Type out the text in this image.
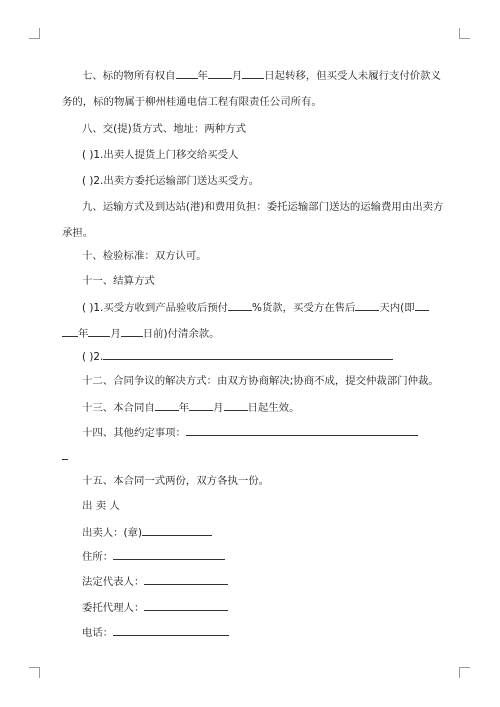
七、标的物所有权自 年 月 日起转移，但买受人未履行支付价款义
务的，标的物属于柳州桂通电信工程有限责任公司所有。
八、交(提)货方式、地址：两种方式
( )1.出卖人提货上门移交给买受人
( )2.出卖方委托运输部门送达买受方。
九、运输方式及到达站(港)和费用负担：委托运输部门送达的运输费用由出卖方
承担。
十、检验标准：双方认可。
十一、结算方式
( )1.买受方收到产品验收后预付 %货款，买受方在售后 天内(即
年 月 日前)付清余款。
( )2.
十二、合同争议的解决方式：由双方协商解决;协商不成，提交仲裁部门仲裁。
十三、本合同自 年 月 日起生效。
十四、其他约定事项：
十五、本合同一式两份，双方各执一份。
出 卖 人
出卖人：(章)
住所：
法定代表人：
委托代理人：
电话：
